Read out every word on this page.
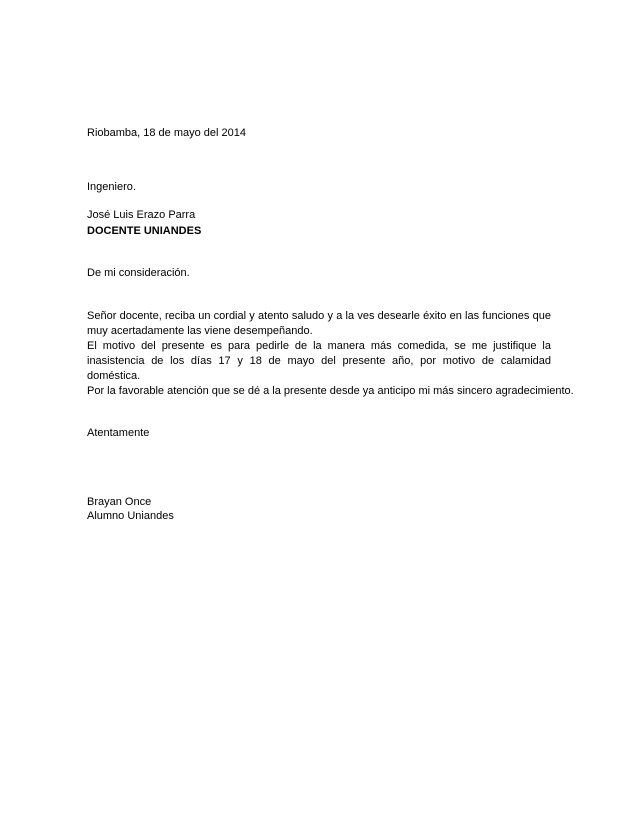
Riobamba, 18 de mayo del 2014
Ingeniero.
José Luis Erazo Parra
DOCENTE UNIANDES
De mi consideración.

Señor docente, reciba un cordial y atento saludo y a la ves desearle éxito en las funciones que muy acertadamente las viene desempeñando.

El motivo del presente es para pedirle de la manera más comedida, se me justifique la inasistencia de los días 17 y 18 de mayo del presente año, por motivo de calamidad doméstica.

Por la favorable atención que se dé a la presente desde ya anticipo mi más sincero agradecimiento.

Atentamente
Brayan Once
Alumno Uniandes
